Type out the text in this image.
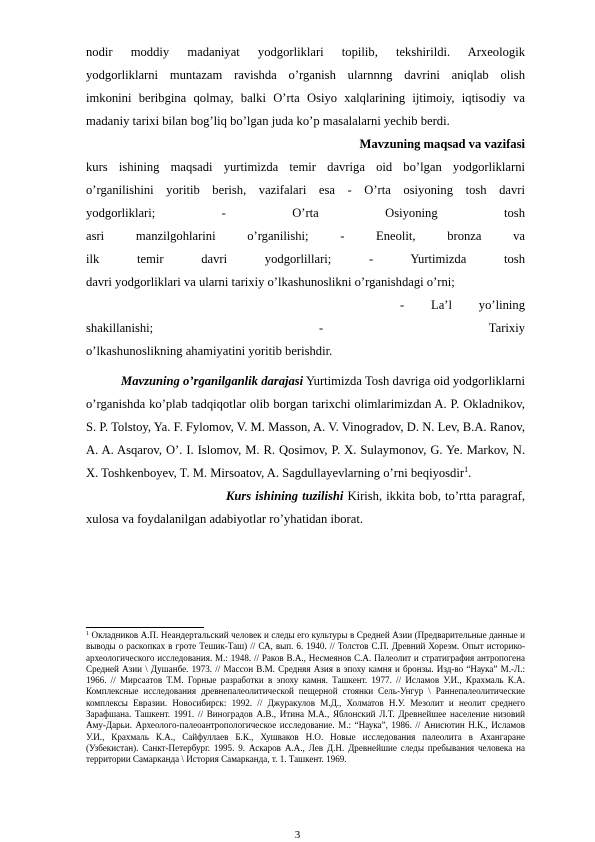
nodir moddiy madaniyat yodgorliklari topilib, tekshirildi. Arxeologik
yodgorliklarni muntazam ravishda o’rganish ularnnng davrini aniqlab olish
imkonini beribgina qolmay, balki O’rta Osiyo xalqlarining ijtimoiy, iqtisodiy va
madaniy tarixi bilan bog’liq bo’lgan juda ko’p masalalarni yechib berdi.
Mavzuning maqsad va vazifasi
kurs ishining maqsadi yurtimizda temir davriga oid bo’lgan yodgorliklarni
o’rganilishini yoritib berish, vazifalari esa - O’rta osiyoning tosh davri
yodgorliklari; - O’rta Osiyoning tosh
asri manzilgohlarini o’rganilishi; - Eneolit, bronza va
ilk temir davri yodgorlillari; - Yurtimizda tosh
davri yodgorliklari va ularni tarixiy o’lkashunoslikni o’rganishdagi o’rni;
- La’l yo’lining
shakillanishi; - Tarixiy
o’lkashunoslikning ahamiyatini yoritib berishdir.

Mavzuning o’rganilganlik darajasi Yurtimizda Tosh davriga oid yodgorliklarni o’rganishda ko’plab tadqiqotlar olib borgan tarixchi olimlarimizdan A. P. Okladnikov, S. P. Tolstoy, Ya. F. Fylomov, V. M. Masson, A. V. Vinogradov, D. N. Lev, B.A. Ranov, A. A. Asqarov, O’. I. Islomov, M. R. Qosimov, P. X. Sulaymonov, G. Ye. Markov, N. X. Toshkenboyev, T. M. Mirsoatov, A. Sagdullayevlarning o’rni beqiyosdir$^1$.

Kurs ishining tuzilishi Kirish, ikkita bob, to’rtta paragraf, xulosa va foydalanilgan adabiyotlar ro’yhatidan iborat.

$^1$ Окладников А.П. Неандертальский человек и следы его культуры в Средней Азии (Предварительные данные и выводы о раскопках в гроте Тешик-Таш) // СА, вып. 6. 1940. // Толстов С.П. Древний Хорезм. Опыт историко-археологического исследования. М.: 1948. // Раков В.А., Несмеянов С.А. Палеолит и стратиграфия антропогена Средней Азии \ Душанбе. 1973. // Массон В.М. Средняя Азия в эпоху камня и бронзы. Изд-во “Наука” М.-Л.: 1966. // Мирсаатов Т.М. Горные разработки в эпоху камня. Ташкент. 1977. // Исламов У.И., Крахмаль К.А. Комплексные исследования древнепалеолитической пещерной стоянки Сель-Унгур \ Раннепалеолитические комплексы Евразии. Новосибирск: 1992. // Джуракулов М.Д., Холматов Н.У. Мезолит и неолит среднего Зарафшана. Ташкент. 1991. // Виноградов А.В., Итина М.А., Яблонский Л.Т. Древнейшее население низовий Аму-Дарьи. Археолого-палеоантропологическое исследование. М.: “Наука”, 1986. // Анисютин Н.К., Исламов У.И., Крахмаль К.А., Сайфуллаев Б.К., Хушваков Н.О. Новые исследования палеолита в Ахангаране (Узбекистан). Санкт-Петербург. 1995. 9. Аскаров А.А., Лев Д.Н. Древнейшие следы пребывания человека на территории Самарканда \ История Самарканда, т. 1. Ташкент. 1969.
3
